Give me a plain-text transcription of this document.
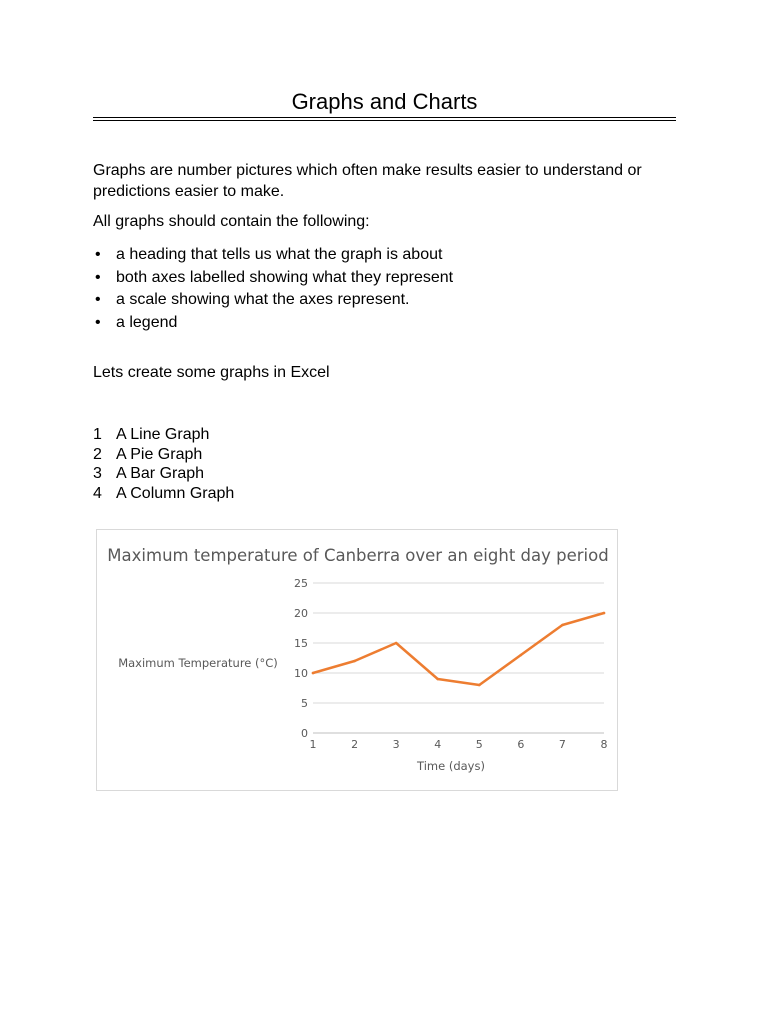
Graphs and Charts
Graphs are number pictures which often make results easier to understand or predictions easier to make.
All graphs should contain the following:
• a heading that tells us what the graph is about
• both axes labelled showing what they represent
• a scale showing what the axes represent.
• a legend
Lets create some graphs in Excel
1 A Line Graph
2 A Pie Graph
3 A Bar Graph
4 A Column Graph
Maximum temperature of Canberra over an eight day period
0
5
10
15
20
25
1	2	3	4	5	6	7	8
Maximum Temperature (°C)
Time (days)
